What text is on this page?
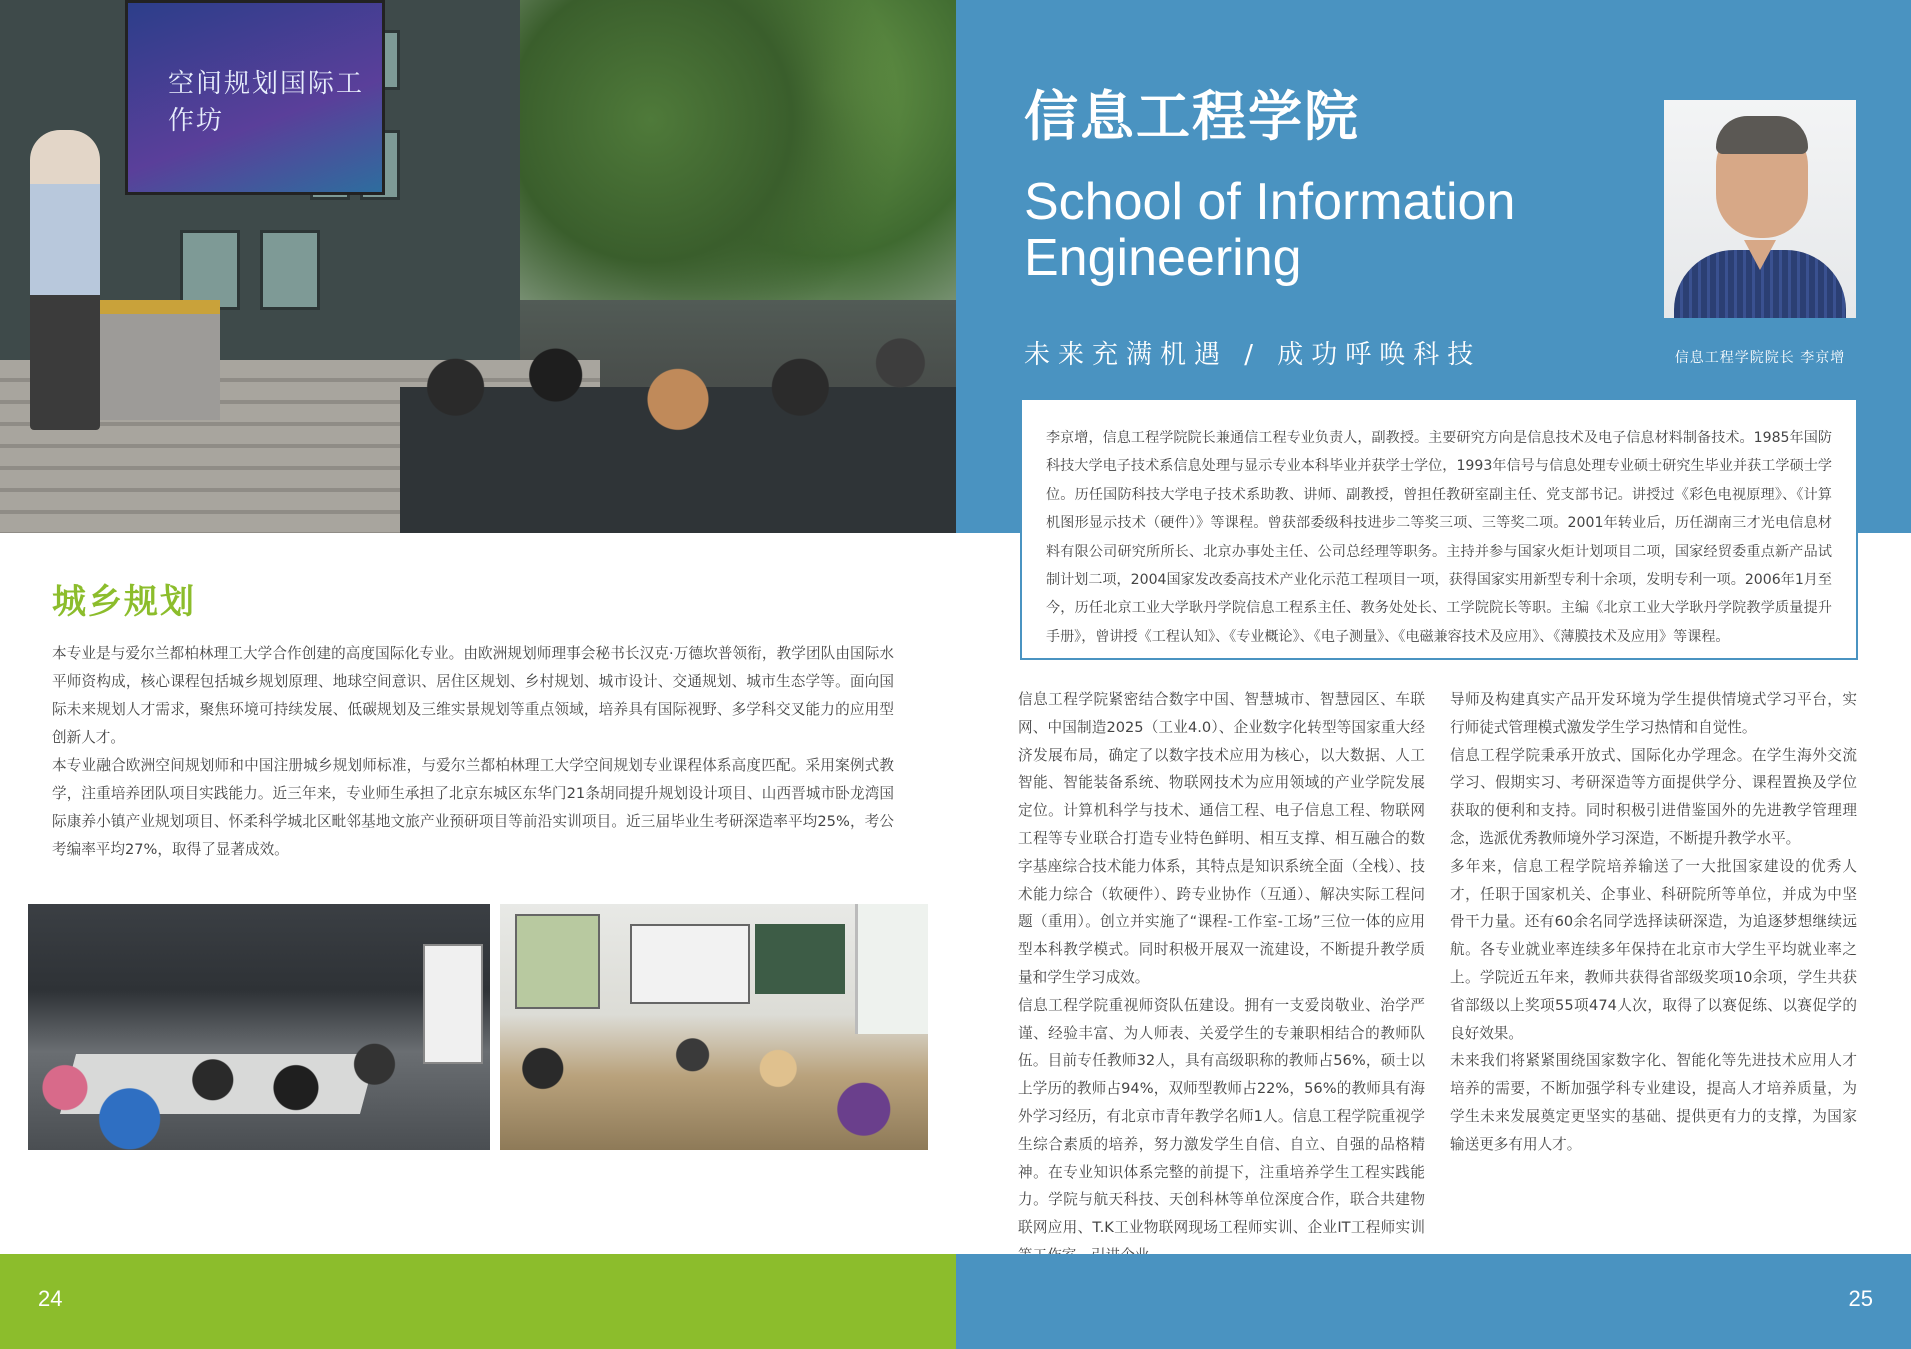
空间规划国际工作坊
城乡规划

本专业是与爱尔兰都柏林理工大学合作创建的高度国际化专业。由欧洲规划师理事会秘书长汉克·万德坎普领衔，教学团队由国际水平师资构成，核心课程包括城乡规划原理、地球空间意识、居住区规划、乡村规划、城市设计、交通规划、城市生态学等。面向国际未来规划人才需求，聚焦环境可持续发展、低碳规划及三维实景规划等重点领域，培养具有国际视野、多学科交叉能力的应用型创新人才。

本专业融合欧洲空间规划师和中国注册城乡规划师标准，与爱尔兰都柏林理工大学空间规划专业课程体系高度匹配。采用案例式教学，注重培养团队项目实践能力。近三年来，专业师生承担了北京东城区东华门21条胡同提升规划设计项目、山西晋城市卧龙湾国际康养小镇产业规划项目、怀柔科学城北区毗邻基地文旅产业预研项目等前沿实训项目。近三届毕业生考研深造率平均25%，考公考编率平均27%，取得了显著成效。

信息工程学院
School of Information Engineering
未来充满机遇 / 成功呼唤科技	信息工程学院院长 李京增

李京增，信息工程学院院长兼通信工程专业负责人，副教授。主要研究方向是信息技术及电子信息材料制备技术。1985年国防科技大学电子技术系信息处理与显示专业本科毕业并获学士学位，1993年信号与信息处理专业硕士研究生毕业并获工学硕士学位。历任国防科技大学电子技术系助教、讲师、副教授，曾担任教研室副主任、党支部书记。讲授过《彩色电视原理》、《计算机图形显示技术（硬件）》等课程。曾获部委级科技进步二等奖三项、三等奖二项。2001年转业后，历任湖南三才光电信息材料有限公司研究所所长、北京办事处主任、公司总经理等职务。主持并参与国家火炬计划项目二项，国家经贸委重点新产品试制计划二项，2004国家发改委高技术产业化示范工程项目一项，获得国家实用新型专利十余项，发明专利一项。2006年1月至今，历任北京工业大学耿丹学院信息工程系主任、教务处处长、工学院院长等职。主编《北京工业大学耿丹学院教学质量提升手册》，曾讲授《工程认知》、《专业概论》、《电子测量》、《电磁兼容技术及应用》、《薄膜技术及应用》等课程。

信息工程学院紧密结合数字中国、智慧城市、智慧园区、车联网、中国制造2025（工业4.0）、企业数字化转型等国家重大经济发展布局，确定了以数字技术应用为核心，以大数据、人工智能、智能装备系统、物联网技术为应用领域的产业学院发展定位。计算机科学与技术、通信工程、电子信息工程、物联网工程等专业联合打造专业特色鲜明、相互支撑、相互融合的数字基座综合技术能力体系，其特点是知识系统全面（全栈）、技术能力综合（软硬件）、跨专业协作（互通）、解决实际工程问题（重用）。创立并实施了“课程-工作室-工场”三位一体的应用型本科教学模式。同时积极开展双一流建设，不断提升教学质量和学生学习成效。

信息工程学院重视师资队伍建设。拥有一支爱岗敬业、治学严谨、经验丰富、为人师表、关爱学生的专兼职相结合的教师队伍。目前专任教师32人，具有高级职称的教师占56%，硕士以上学历的教师占94%，双师型教师占22%，56%的教师具有海外学习经历，有北京市青年教学名师1人。信息工程学院重视学生综合素质的培养，努力激发学生自信、自立、自强的品格精神。在专业知识体系完整的前提下，注重培养学生工程实践能力。学院与航天科技、天创科林等单位深度合作，联合共建物联网应用、T.K工业物联网现场工程师实训、企业IT工程师实训

导师及构建真实产品开发环境为学生提供情境式学习平台，实行师徒式管理模式激发学生学习热情和自觉性。

信息工程学院秉承开放式、国际化办学理念。在学生海外交流学习、假期实习、考研深造等方面提供学分、课程置换及学位获取的便利和支持。同时积极引进借鉴国外的先进教学管理理念，选派优秀教师境外学习深造，不断提升教学水平。

多年来，信息工程学院培养输送了一大批国家建设的优秀人才，任职于国家机关、企事业、科研院所等单位，并成为中坚骨干力量。还有60余名同学选择读研深造，为追逐梦想继续远航。各专业就业率连续多年保持在北京市大学生平均就业率之上。学院近五年来，教师共获得省部级奖项10余项，学生共获省部级以上奖项55项474人次，取得了以赛促练、以赛促学的良好效果。

未来我们将紧紧围绕国家数字化、智能化等先进技术应用人才培养的需要，不断加强学科专业建设，提高人才培养质量，为学生未来发展奠定更坚实的基础、提供更有力的支撑，为国家输送更多有用人才。

24	25
